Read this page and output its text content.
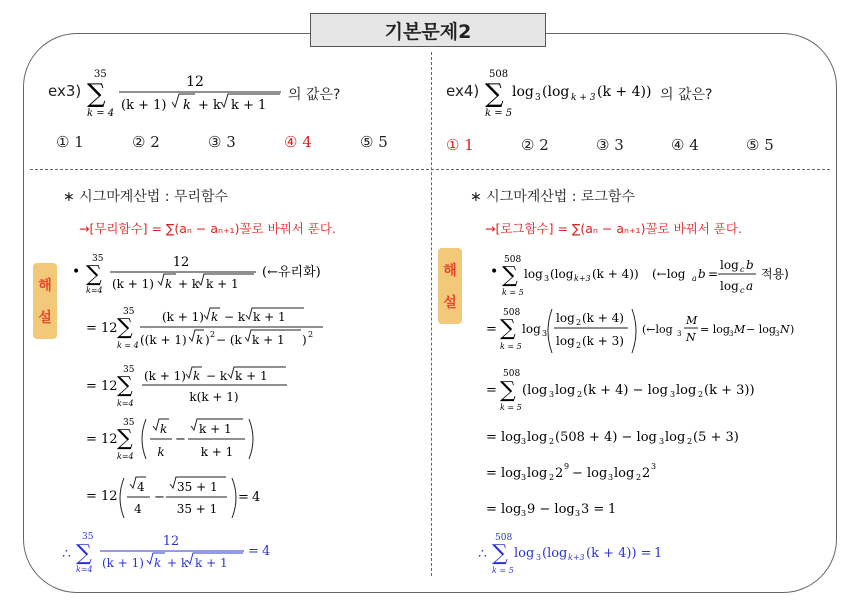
기본문제2
ex3)
35
∑
k = 4
12
(k + 1) k + k k + 1
의 값은?
① 1	② 2	③ 3	④ 4	⑤ 5
ex4)
508
∑
k = 5
log 3 (log k + 3 (k + 4)) 의 값은?
① 1	② 2	③ 3	④ 4	⑤ 5
해
설
∗ 시그마계산법 : 무리함수
→[무리함수] = ∑(aₙ − aₙ₊₁)꼴로 바꿔서 푼다.
•
35
∑
k=4
12
(k + 1) k + k k + 1
(←유리화)
= 12
35
∑
k = 4
(k + 1) k − k k + 1
((k + 1) k ) 2 − (k k + 1 ) 2
= 12
35
∑
k=4
(k + 1) k − k k + 1
k(k + 1)
= 12
35
∑
k=4
k
k
−
k + 1
k + 1
= 12
4
4
−
35 + 1
35 + 1
= 4
∴
35
∑
k=4
12
(k + 1) k + k k + 1
= 4
해
설
∗ 시그마계산법 : 로그함수
→[로그함수] = ∑(aₙ − aₙ₊₁)꼴로 바꿔서 푼다.
•
508
∑
k = 5
log 3 (log k+3 (k + 4)) (←log a b =
log c b
log c a
적용)
=
508
∑
k = 5
log 3
log 2 (k + 4)
log 2 (k + 3)
(←log 3
M
N
= log 3 M − log 3 N )
=
508
∑
k = 5
(log 3 log 2 (k + 4) − log 3 log 2 (k + 3))
= log 3 log 2 (508 + 4) − log 3 log 2 (5 + 3)
= log 3 log 2 2 9 − log 3 log 2 2 3
= log 3 9 − log 3 3 = 1
∴
508
∑
k = 5
log 3 (log k+3 (k + 4)) = 1
